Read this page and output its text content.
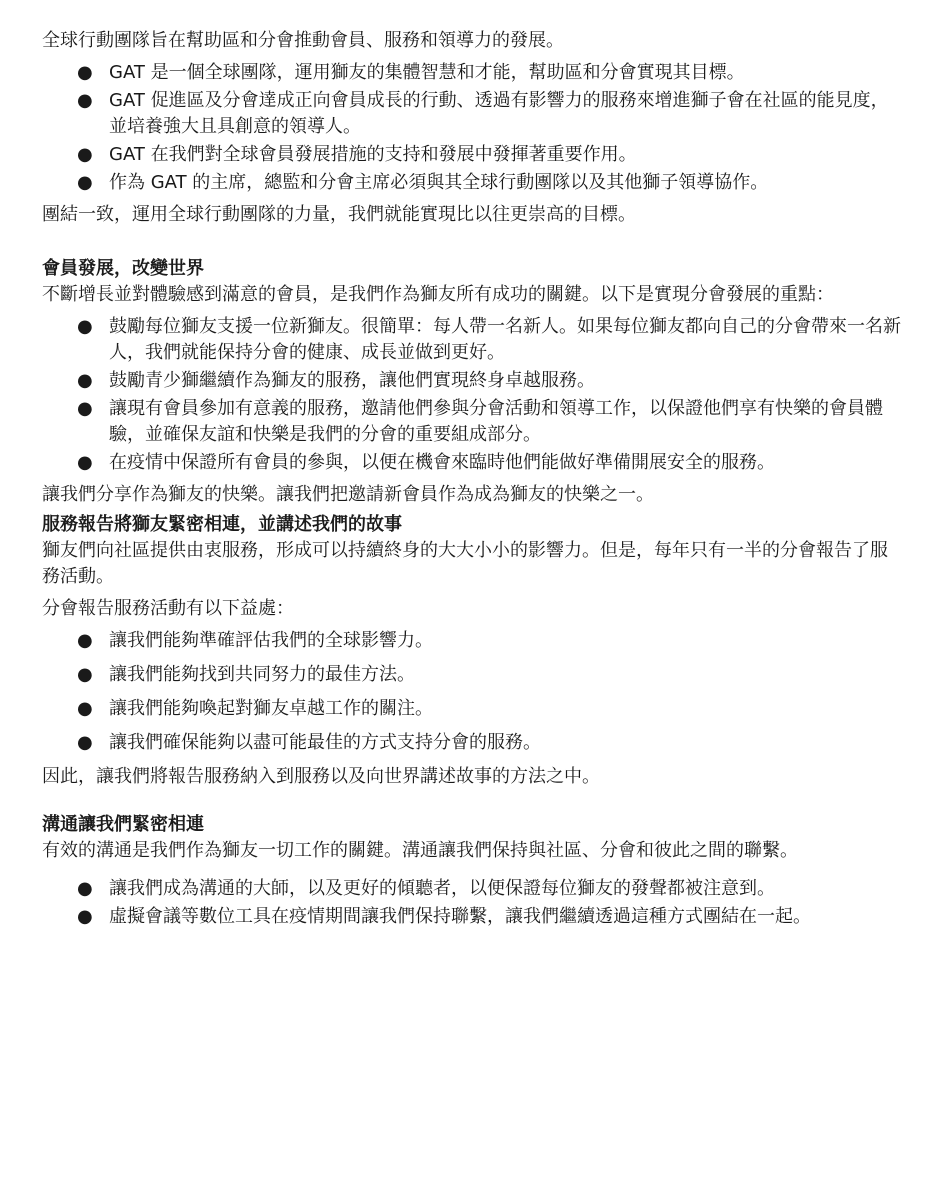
全球行動團隊旨在幫助區和分會推動會員、服務和領導力的發展。

● GAT 是一個全球團隊，運用獅友的集體智慧和才能，幫助區和分會實現其目標。
● GAT 促進區及分會達成正向會員成長的行動、透過有影響力的服務來增進獅子會在社區的能見度，並培養強大且具創意的領導人。
● GAT 在我們對全球會員發展措施的支持和發展中發揮著重要作用。
● 作為 GAT 的主席，總監和分會主席必須與其全球行動團隊以及其他獅子領導協作。

團結一致，運用全球行動團隊的力量，我們就能實現比以往更崇高的目標。

會員發展，改變世界

不斷增長並對體驗感到滿意的會員，是我們作為獅友所有成功的關鍵。以下是實現分會發展的重點：

● 鼓勵每位獅友支援一位新獅友。很簡單：每人帶一名新人。如果每位獅友都向自己的分會帶來一名新人，我們就能保持分會的健康、成長並做到更好。
● 鼓勵青少獅繼續作為獅友的服務，讓他們實現終身卓越服務。
● 讓現有會員參加有意義的服務，邀請他們參與分會活動和領導工作，以保證他們享有快樂的會員體驗，並確保友誼和快樂是我們的分會的重要組成部分。
● 在疫情中保證所有會員的參與，以便在機會來臨時他們能做好準備開展安全的服務。

讓我們分享作為獅友的快樂。讓我們把邀請新會員作為成為獅友的快樂之一。

服務報告將獅友緊密相連，並講述我們的故事

獅友們向社區提供由衷服務，形成可以持續終身的大大小小的影響力。但是，每年只有一半的分會報告了服務活動。

分會報告服務活動有以下益處：

● 讓我們能夠準確評估我們的全球影響力。
● 讓我們能夠找到共同努力的最佳方法。
● 讓我們能夠喚起對獅友卓越工作的關注。
● 讓我們確保能夠以盡可能最佳的方式支持分會的服務。

因此，讓我們將報告服務納入到服務以及向世界講述故事的方法之中。

溝通讓我們緊密相連

有效的溝通是我們作為獅友一切工作的關鍵。溝通讓我們保持與社區、分會和彼此之間的聯繫。

● 讓我們成為溝通的大師，以及更好的傾聽者，以便保證每位獅友的發聲都被注意到。
● 虛擬會議等數位工具在疫情期間讓我們保持聯繫，讓我們繼續透過這種方式團結在一起。
